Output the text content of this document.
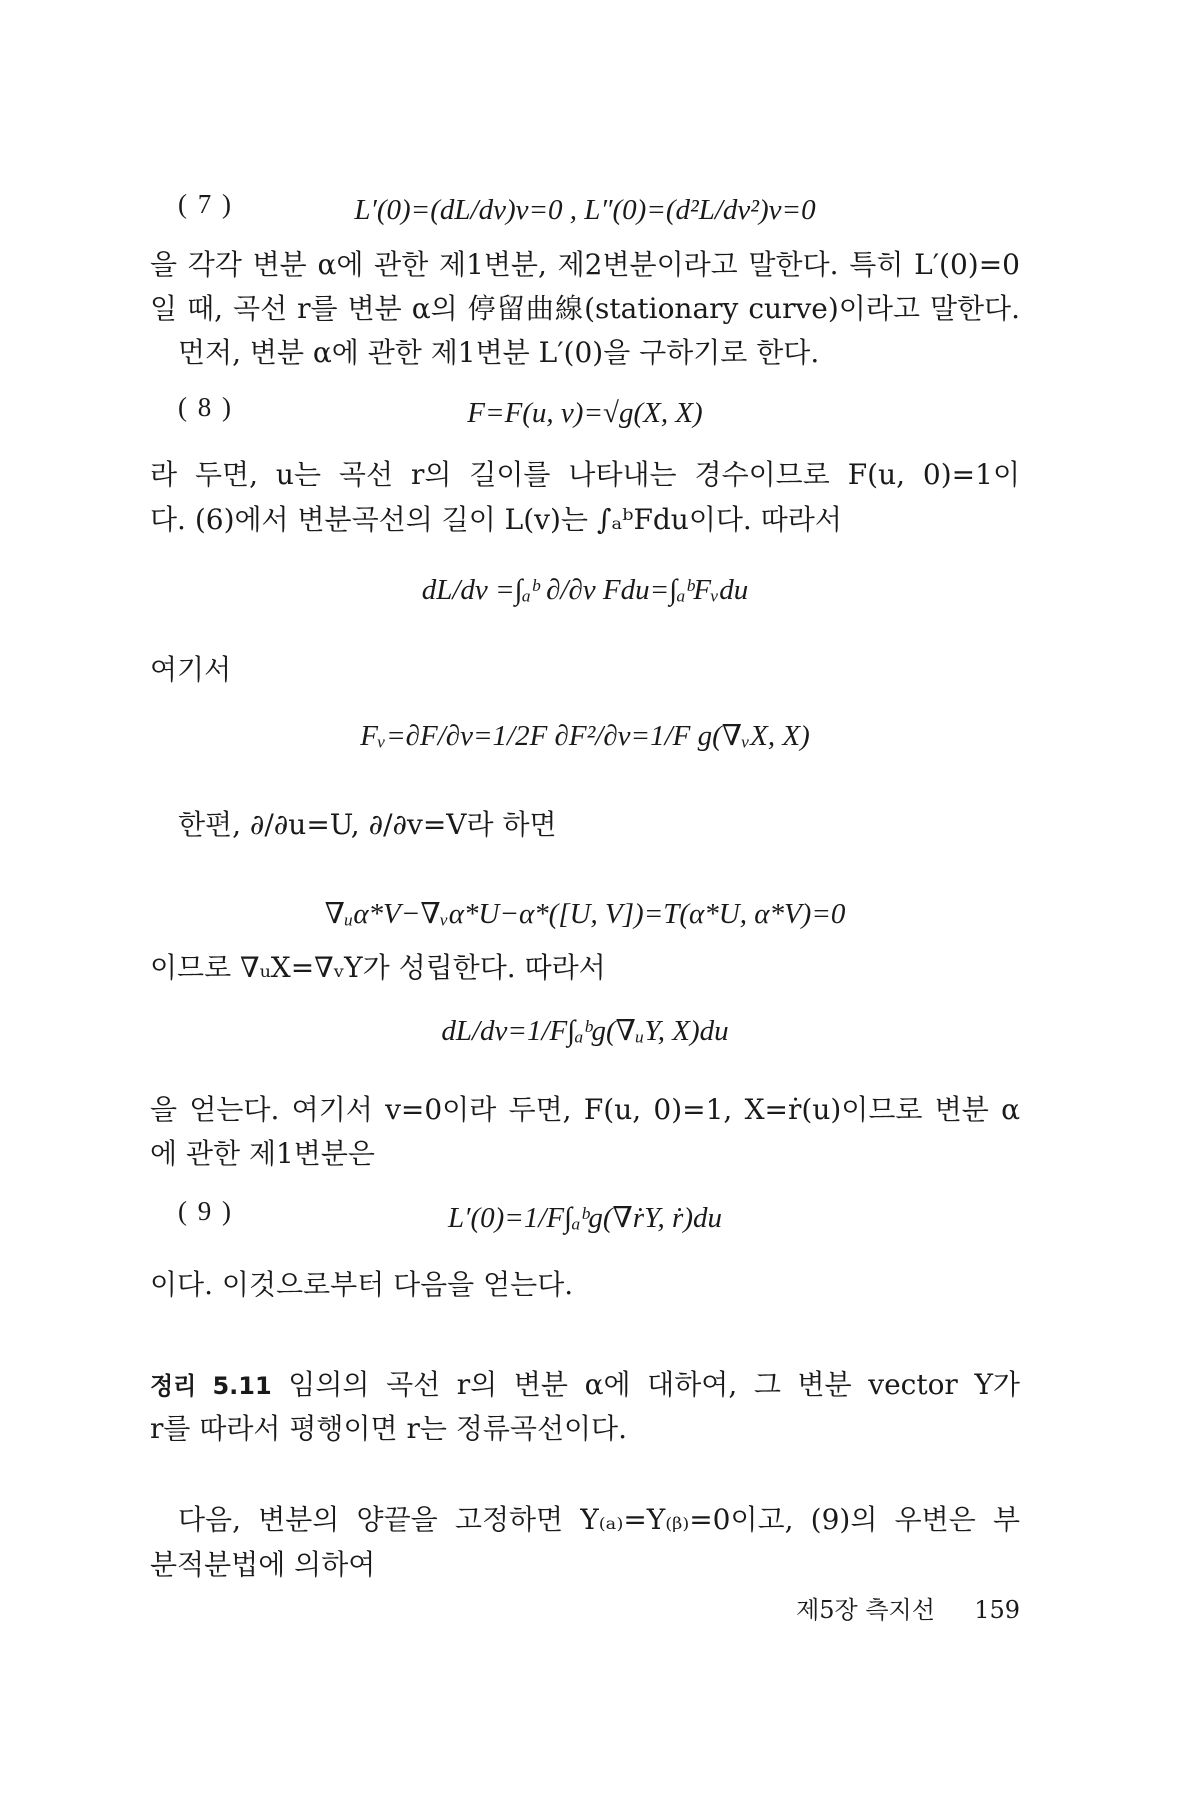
( 7 )	L′(0)=(dL/dv)v=0 , L″(0)=(d²L/dv²)v=0
을 각각 변분 α에 관한 제1변분, 제2변분이라고 말한다. 특히 L′(0)=0
일 때, 곡선 r를 변분 α의 停留曲線(stationary curve)이라고 말한다.
먼저, 변분 α에 관한 제1변분 L′(0)을 구하기로 한다.
( 8 )	F=F(u, v)=√g(X, X)
라 두면, u는 곡선 r의 길이를 나타내는 경수이므로 F(u, 0)=1이
다. (6)에서 변분곡선의 길이 L(v)는 ∫ₐᵇFdu이다. 따라서
dL/dv =∫ₐᵇ ∂/∂v Fdu=∫ₐᵇFᵥdu
여기서
Fᵥ=∂F/∂v=1/2F ∂F²/∂v=1/F g(∇ᵥX, X)
한편, ∂/∂u=U, ∂/∂v=V라 하면
∇ᵤα*V−∇ᵥα*U−α*([U, V])=T(α*U, α*V)=0
이므로 ∇ᵤX=∇ᵥY가 성립한다. 따라서
dL/dv=1/F∫ₐᵇg(∇ᵤY, X)du
을 얻는다. 여기서 v=0이라 두면, F(u, 0)=1, X=ṙ(u)이므로 변분 α
에 관한 제1변분은
( 9 )	L′(0)=1/F∫ₐᵇg(∇ṙY, ṙ)du
이다. 이것으로부터 다음을 얻는다.
정리 5.11 임의의 곡선 r의 변분 α에 대하여, 그 변분 vector Y가
r를 따라서 평행이면 r는 정류곡선이다.
다음, 변분의 양끝을 고정하면 Y₍ₐ₎=Y₍ᵦ₎=0이고, (9)의 우변은 부
분적분법에 의하여
제5장 측지선 159
